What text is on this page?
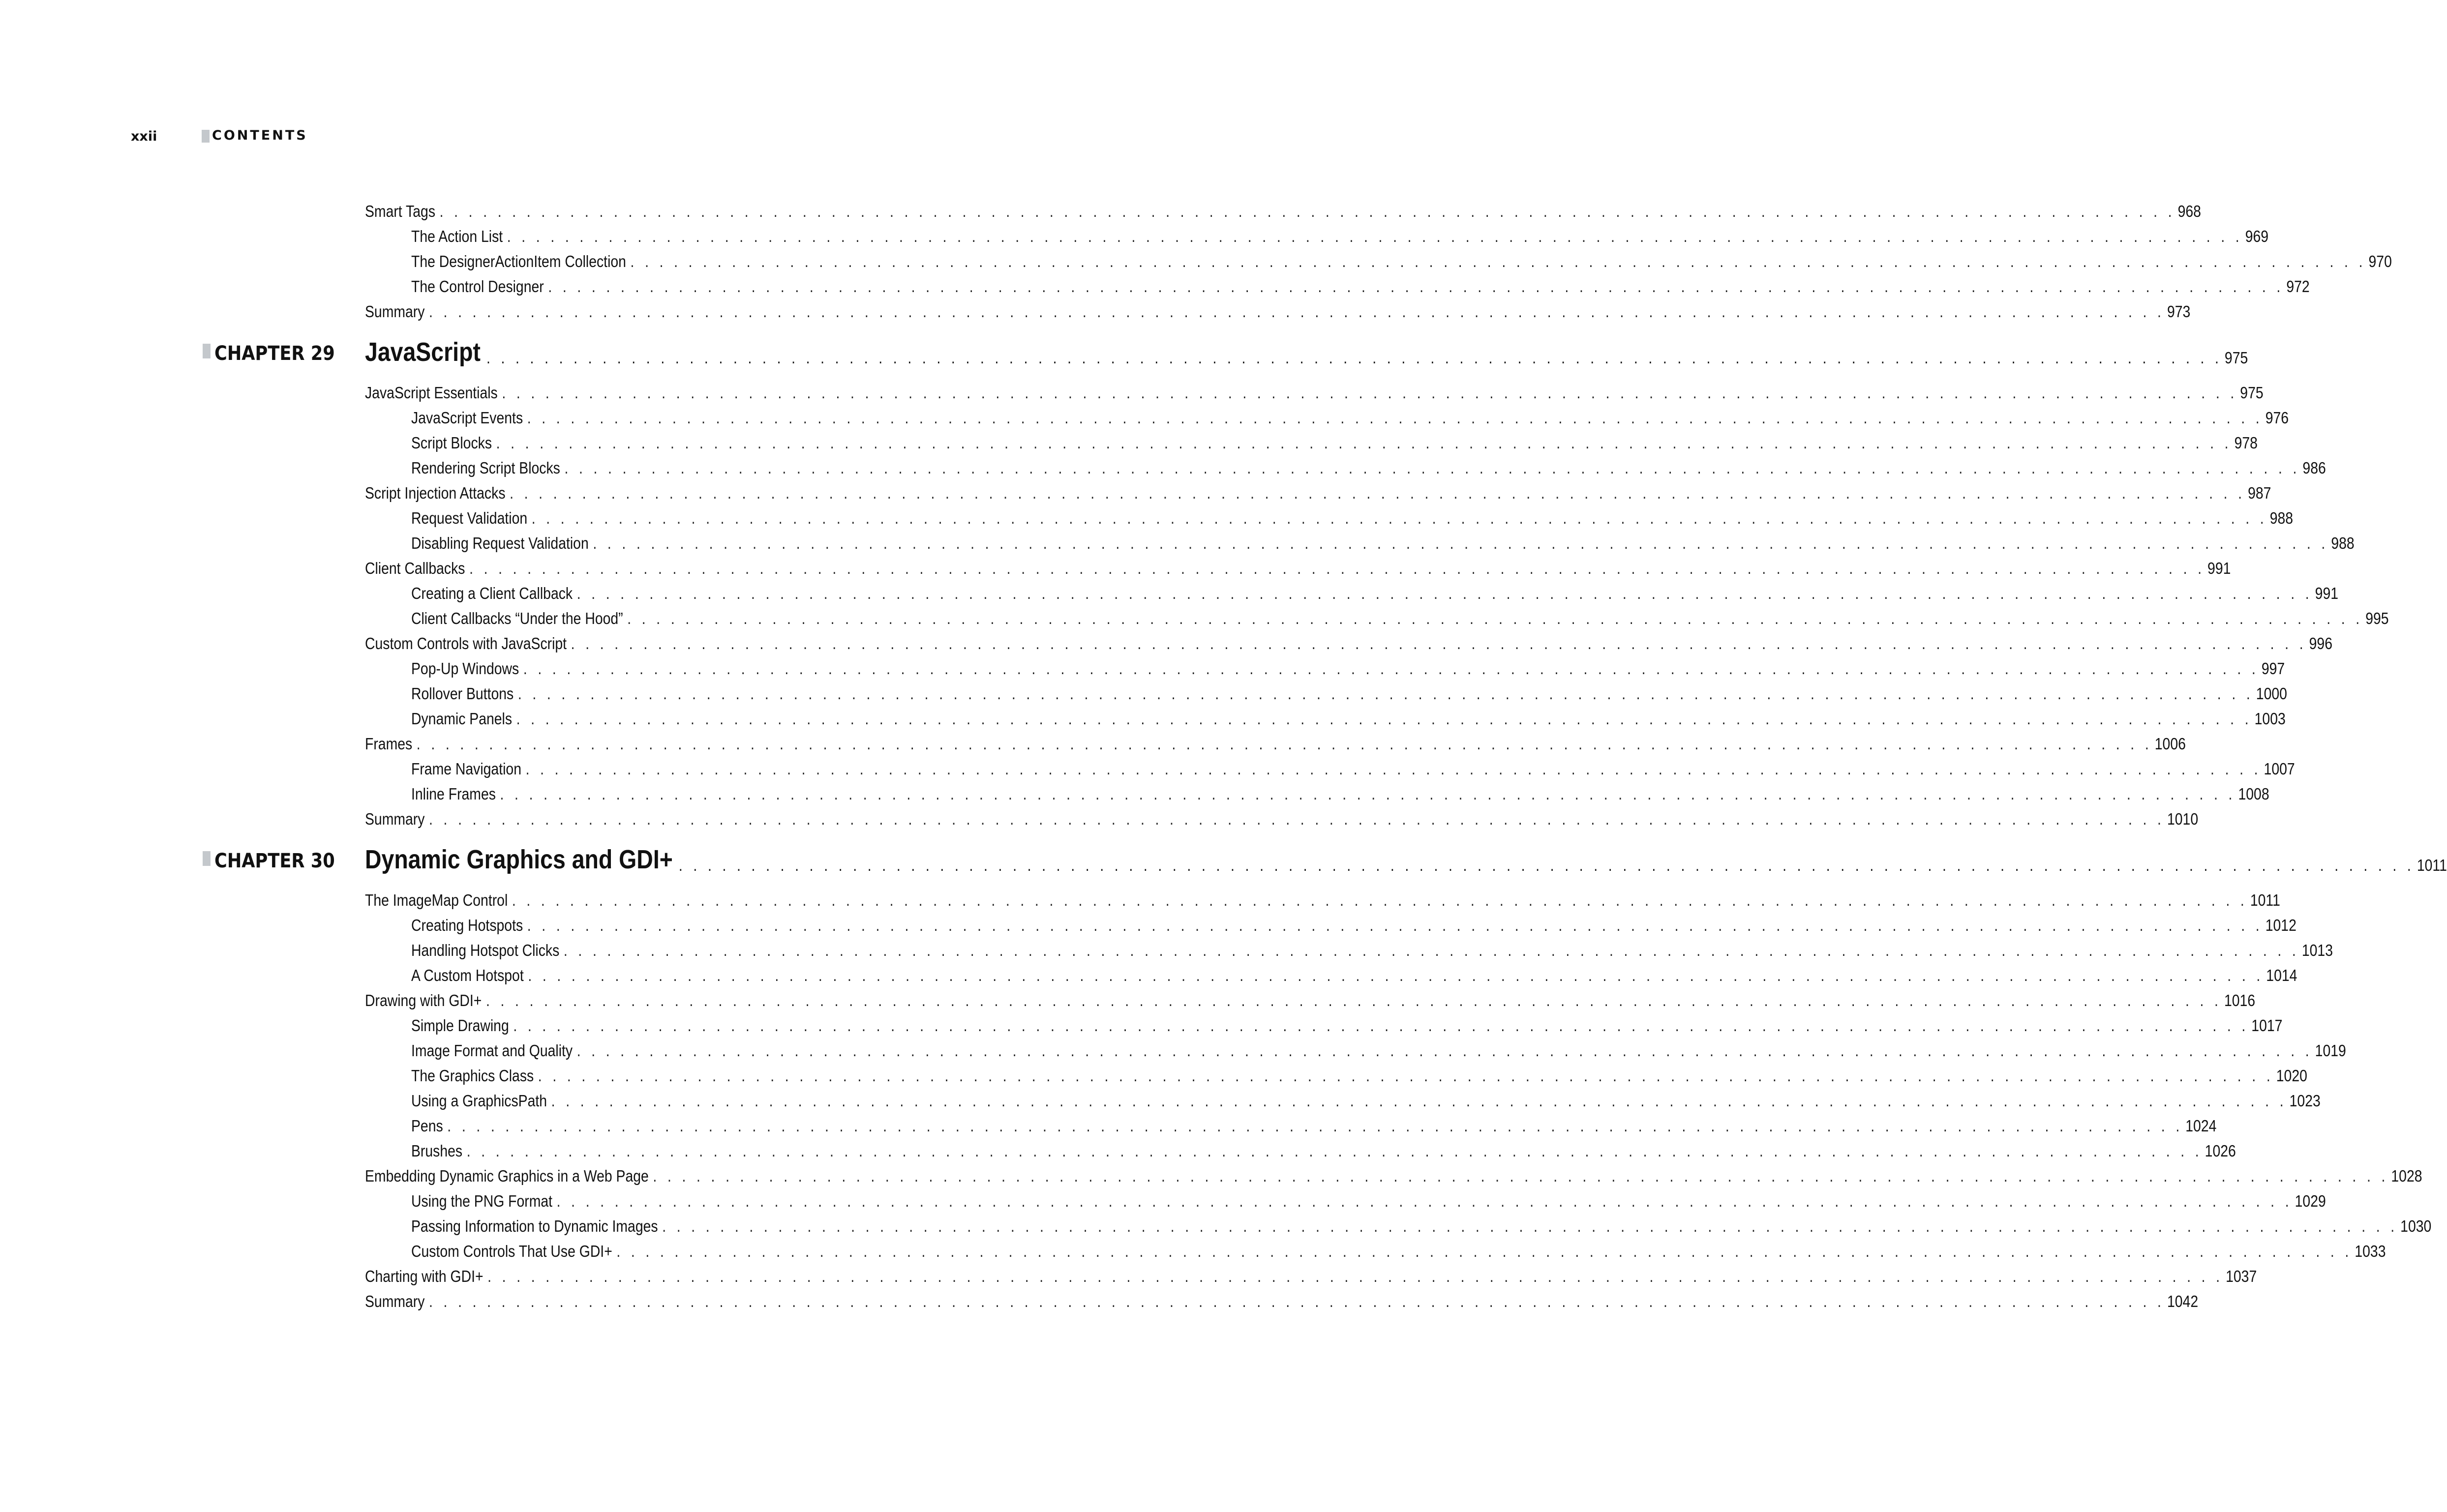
xxii	CONTENTS
Smart Tags . . . . . . . . . . . . . . . . . . . . . . . . . . . . . . . . . . . . . . . . . . . . . . . . . . . . . . . . . . . . . . . . . . . . . . . . . . . . . . . . . . . . . . . . . . . . . . . . . . . . . . . . . . . . . . . . . . . . . . . . 968
The Action List . . . . . . . . . . . . . . . . . . . . . . . . . . . . . . . . . . . . . . . . . . . . . . . . . . . . . . . . . . . . . . . . . . . . . . . . . . . . . . . . . . . . . . . . . . . . . . . . . . . . . . . . . . . . . . . . . . . . . . . . 969
The DesignerActionItem Collection . . . . . . . . . . . . . . . . . . . . . . . . . . . . . . . . . . . . . . . . . . . . . . . . . . . . . . . . . . . . . . . . . . . . . . . . . . . . . . . . . . . . . . . . . . . . . . . . . . . . . . . . . . . . . . . . . . . . . . . . 970
The Control Designer . . . . . . . . . . . . . . . . . . . . . . . . . . . . . . . . . . . . . . . . . . . . . . . . . . . . . . . . . . . . . . . . . . . . . . . . . . . . . . . . . . . . . . . . . . . . . . . . . . . . . . . . . . . . . . . . . . . . . . . . 972
Summary . . . . . . . . . . . . . . . . . . . . . . . . . . . . . . . . . . . . . . . . . . . . . . . . . . . . . . . . . . . . . . . . . . . . . . . . . . . . . . . . . . . . . . . . . . . . . . . . . . . . . . . . . . . . . . . . . . . . . . . . 973
CHAPTER 29 JavaScript . . . . . . . . . . . . . . . . . . . . . . . . . . . . . . . . . . . . . . . . . . . . . . . . . . . . . . . . . . . . . . . . . . . . . . . . . . . . . . . . . . . . . . . . . . . . . . . . . . . . . . . . . . . . . . . . . . . . . . . . 975
JavaScript Essentials . . . . . . . . . . . . . . . . . . . . . . . . . . . . . . . . . . . . . . . . . . . . . . . . . . . . . . . . . . . . . . . . . . . . . . . . . . . . . . . . . . . . . . . . . . . . . . . . . . . . . . . . . . . . . . . . . . . . . . . . 975
JavaScript Events . . . . . . . . . . . . . . . . . . . . . . . . . . . . . . . . . . . . . . . . . . . . . . . . . . . . . . . . . . . . . . . . . . . . . . . . . . . . . . . . . . . . . . . . . . . . . . . . . . . . . . . . . . . . . . . . . . . . . . . . 976
Script Blocks . . . . . . . . . . . . . . . . . . . . . . . . . . . . . . . . . . . . . . . . . . . . . . . . . . . . . . . . . . . . . . . . . . . . . . . . . . . . . . . . . . . . . . . . . . . . . . . . . . . . . . . . . . . . . . . . . . . . . . . . 978
Rendering Script Blocks . . . . . . . . . . . . . . . . . . . . . . . . . . . . . . . . . . . . . . . . . . . . . . . . . . . . . . . . . . . . . . . . . . . . . . . . . . . . . . . . . . . . . . . . . . . . . . . . . . . . . . . . . . . . . . . . . . . . . . . . 986
Script Injection Attacks . . . . . . . . . . . . . . . . . . . . . . . . . . . . . . . . . . . . . . . . . . . . . . . . . . . . . . . . . . . . . . . . . . . . . . . . . . . . . . . . . . . . . . . . . . . . . . . . . . . . . . . . . . . . . . . . . . . . . . . . 987
Request Validation . . . . . . . . . . . . . . . . . . . . . . . . . . . . . . . . . . . . . . . . . . . . . . . . . . . . . . . . . . . . . . . . . . . . . . . . . . . . . . . . . . . . . . . . . . . . . . . . . . . . . . . . . . . . . . . . . . . . . . . . 988
Disabling Request Validation . . . . . . . . . . . . . . . . . . . . . . . . . . . . . . . . . . . . . . . . . . . . . . . . . . . . . . . . . . . . . . . . . . . . . . . . . . . . . . . . . . . . . . . . . . . . . . . . . . . . . . . . . . . . . . . . . . . . . . . . 988
Client Callbacks . . . . . . . . . . . . . . . . . . . . . . . . . . . . . . . . . . . . . . . . . . . . . . . . . . . . . . . . . . . . . . . . . . . . . . . . . . . . . . . . . . . . . . . . . . . . . . . . . . . . . . . . . . . . . . . . . . . . . . . . 991
Creating a Client Callback . . . . . . . . . . . . . . . . . . . . . . . . . . . . . . . . . . . . . . . . . . . . . . . . . . . . . . . . . . . . . . . . . . . . . . . . . . . . . . . . . . . . . . . . . . . . . . . . . . . . . . . . . . . . . . . . . . . . . . . . 991
Client Callbacks “Under the Hood” . . . . . . . . . . . . . . . . . . . . . . . . . . . . . . . . . . . . . . . . . . . . . . . . . . . . . . . . . . . . . . . . . . . . . . . . . . . . . . . . . . . . . . . . . . . . . . . . . . . . . . . . . . . . . . . . . . . . . . . . 995
Custom Controls with JavaScript . . . . . . . . . . . . . . . . . . . . . . . . . . . . . . . . . . . . . . . . . . . . . . . . . . . . . . . . . . . . . . . . . . . . . . . . . . . . . . . . . . . . . . . . . . . . . . . . . . . . . . . . . . . . . . . . . . . . . . . . 996
Pop-Up Windows . . . . . . . . . . . . . . . . . . . . . . . . . . . . . . . . . . . . . . . . . . . . . . . . . . . . . . . . . . . . . . . . . . . . . . . . . . . . . . . . . . . . . . . . . . . . . . . . . . . . . . . . . . . . . . . . . . . . . . . . 997
Rollover Buttons . . . . . . . . . . . . . . . . . . . . . . . . . . . . . . . . . . . . . . . . . . . . . . . . . . . . . . . . . . . . . . . . . . . . . . . . . . . . . . . . . . . . . . . . . . . . . . . . . . . . . . . . . . . . . . . . . . . . . . . . 1000
Dynamic Panels . . . . . . . . . . . . . . . . . . . . . . . . . . . . . . . . . . . . . . . . . . . . . . . . . . . . . . . . . . . . . . . . . . . . . . . . . . . . . . . . . . . . . . . . . . . . . . . . . . . . . . . . . . . . . . . . . . . . . . . . 1003
Frames . . . . . . . . . . . . . . . . . . . . . . . . . . . . . . . . . . . . . . . . . . . . . . . . . . . . . . . . . . . . . . . . . . . . . . . . . . . . . . . . . . . . . . . . . . . . . . . . . . . . . . . . . . . . . . . . . . . . . . . . 1006
Frame Navigation . . . . . . . . . . . . . . . . . . . . . . . . . . . . . . . . . . . . . . . . . . . . . . . . . . . . . . . . . . . . . . . . . . . . . . . . . . . . . . . . . . . . . . . . . . . . . . . . . . . . . . . . . . . . . . . . . . . . . . . . 1007
Inline Frames . . . . . . . . . . . . . . . . . . . . . . . . . . . . . . . . . . . . . . . . . . . . . . . . . . . . . . . . . . . . . . . . . . . . . . . . . . . . . . . . . . . . . . . . . . . . . . . . . . . . . . . . . . . . . . . . . . . . . . . . 1008
Summary . . . . . . . . . . . . . . . . . . . . . . . . . . . . . . . . . . . . . . . . . . . . . . . . . . . . . . . . . . . . . . . . . . . . . . . . . . . . . . . . . . . . . . . . . . . . . . . . . . . . . . . . . . . . . . . . . . . . . . . . 1010
CHAPTER 30 Dynamic Graphics and GDI+ . . . . . . . . . . . . . . . . . . . . . . . . . . . . . . . . . . . . . . . . . . . . . . . . . . . . . . . . . . . . . . . . . . . . . . . . . . . . . . . . . . . . . . . . . . . . . . . . . . . . . . . . . . . . . . . . . . . . . . . . 1011
The ImageMap Control . . . . . . . . . . . . . . . . . . . . . . . . . . . . . . . . . . . . . . . . . . . . . . . . . . . . . . . . . . . . . . . . . . . . . . . . . . . . . . . . . . . . . . . . . . . . . . . . . . . . . . . . . . . . . . . . . . . . . . . . 1011
Creating Hotspots . . . . . . . . . . . . . . . . . . . . . . . . . . . . . . . . . . . . . . . . . . . . . . . . . . . . . . . . . . . . . . . . . . . . . . . . . . . . . . . . . . . . . . . . . . . . . . . . . . . . . . . . . . . . . . . . . . . . . . . . 1012
Handling Hotspot Clicks . . . . . . . . . . . . . . . . . . . . . . . . . . . . . . . . . . . . . . . . . . . . . . . . . . . . . . . . . . . . . . . . . . . . . . . . . . . . . . . . . . . . . . . . . . . . . . . . . . . . . . . . . . . . . . . . . . . . . . . . 1013
A Custom Hotspot . . . . . . . . . . . . . . . . . . . . . . . . . . . . . . . . . . . . . . . . . . . . . . . . . . . . . . . . . . . . . . . . . . . . . . . . . . . . . . . . . . . . . . . . . . . . . . . . . . . . . . . . . . . . . . . . . . . . . . . . 1014
Drawing with GDI+ . . . . . . . . . . . . . . . . . . . . . . . . . . . . . . . . . . . . . . . . . . . . . . . . . . . . . . . . . . . . . . . . . . . . . . . . . . . . . . . . . . . . . . . . . . . . . . . . . . . . . . . . . . . . . . . . . . . . . . . . 1016
Simple Drawing . . . . . . . . . . . . . . . . . . . . . . . . . . . . . . . . . . . . . . . . . . . . . . . . . . . . . . . . . . . . . . . . . . . . . . . . . . . . . . . . . . . . . . . . . . . . . . . . . . . . . . . . . . . . . . . . . . . . . . . . 1017
Image Format and Quality . . . . . . . . . . . . . . . . . . . . . . . . . . . . . . . . . . . . . . . . . . . . . . . . . . . . . . . . . . . . . . . . . . . . . . . . . . . . . . . . . . . . . . . . . . . . . . . . . . . . . . . . . . . . . . . . . . . . . . . . 1019
The Graphics Class . . . . . . . . . . . . . . . . . . . . . . . . . . . . . . . . . . . . . . . . . . . . . . . . . . . . . . . . . . . . . . . . . . . . . . . . . . . . . . . . . . . . . . . . . . . . . . . . . . . . . . . . . . . . . . . . . . . . . . . . 1020
Using a GraphicsPath . . . . . . . . . . . . . . . . . . . . . . . . . . . . . . . . . . . . . . . . . . . . . . . . . . . . . . . . . . . . . . . . . . . . . . . . . . . . . . . . . . . . . . . . . . . . . . . . . . . . . . . . . . . . . . . . . . . . . . . . 1023
Pens . . . . . . . . . . . . . . . . . . . . . . . . . . . . . . . . . . . . . . . . . . . . . . . . . . . . . . . . . . . . . . . . . . . . . . . . . . . . . . . . . . . . . . . . . . . . . . . . . . . . . . . . . . . . . . . . . . . . . . . . 1024
Brushes . . . . . . . . . . . . . . . . . . . . . . . . . . . . . . . . . . . . . . . . . . . . . . . . . . . . . . . . . . . . . . . . . . . . . . . . . . . . . . . . . . . . . . . . . . . . . . . . . . . . . . . . . . . . . . . . . . . . . . . . 1026
Embedding Dynamic Graphics in a Web Page . . . . . . . . . . . . . . . . . . . . . . . . . . . . . . . . . . . . . . . . . . . . . . . . . . . . . . . . . . . . . . . . . . . . . . . . . . . . . . . . . . . . . . . . . . . . . . . . . . . . . . . . . . . . . . . . . . . . . . . . 1028
Using the PNG Format . . . . . . . . . . . . . . . . . . . . . . . . . . . . . . . . . . . . . . . . . . . . . . . . . . . . . . . . . . . . . . . . . . . . . . . . . . . . . . . . . . . . . . . . . . . . . . . . . . . . . . . . . . . . . . . . . . . . . . . . 1029
Passing Information to Dynamic Images . . . . . . . . . . . . . . . . . . . . . . . . . . . . . . . . . . . . . . . . . . . . . . . . . . . . . . . . . . . . . . . . . . . . . . . . . . . . . . . . . . . . . . . . . . . . . . . . . . . . . . . . . . . . . . . . . . . . . . . . 1030
Custom Controls That Use GDI+ . . . . . . . . . . . . . . . . . . . . . . . . . . . . . . . . . . . . . . . . . . . . . . . . . . . . . . . . . . . . . . . . . . . . . . . . . . . . . . . . . . . . . . . . . . . . . . . . . . . . . . . . . . . . . . . . . . . . . . . . 1033
Charting with GDI+ . . . . . . . . . . . . . . . . . . . . . . . . . . . . . . . . . . . . . . . . . . . . . . . . . . . . . . . . . . . . . . . . . . . . . . . . . . . . . . . . . . . . . . . . . . . . . . . . . . . . . . . . . . . . . . . . . . . . . . . . 1037
Summary . . . . . . . . . . . . . . . . . . . . . . . . . . . . . . . . . . . . . . . . . . . . . . . . . . . . . . . . . . . . . . . . . . . . . . . . . . . . . . . . . . . . . . . . . . . . . . . . . . . . . . . . . . . . . . . . . . . . . . . . 1042
